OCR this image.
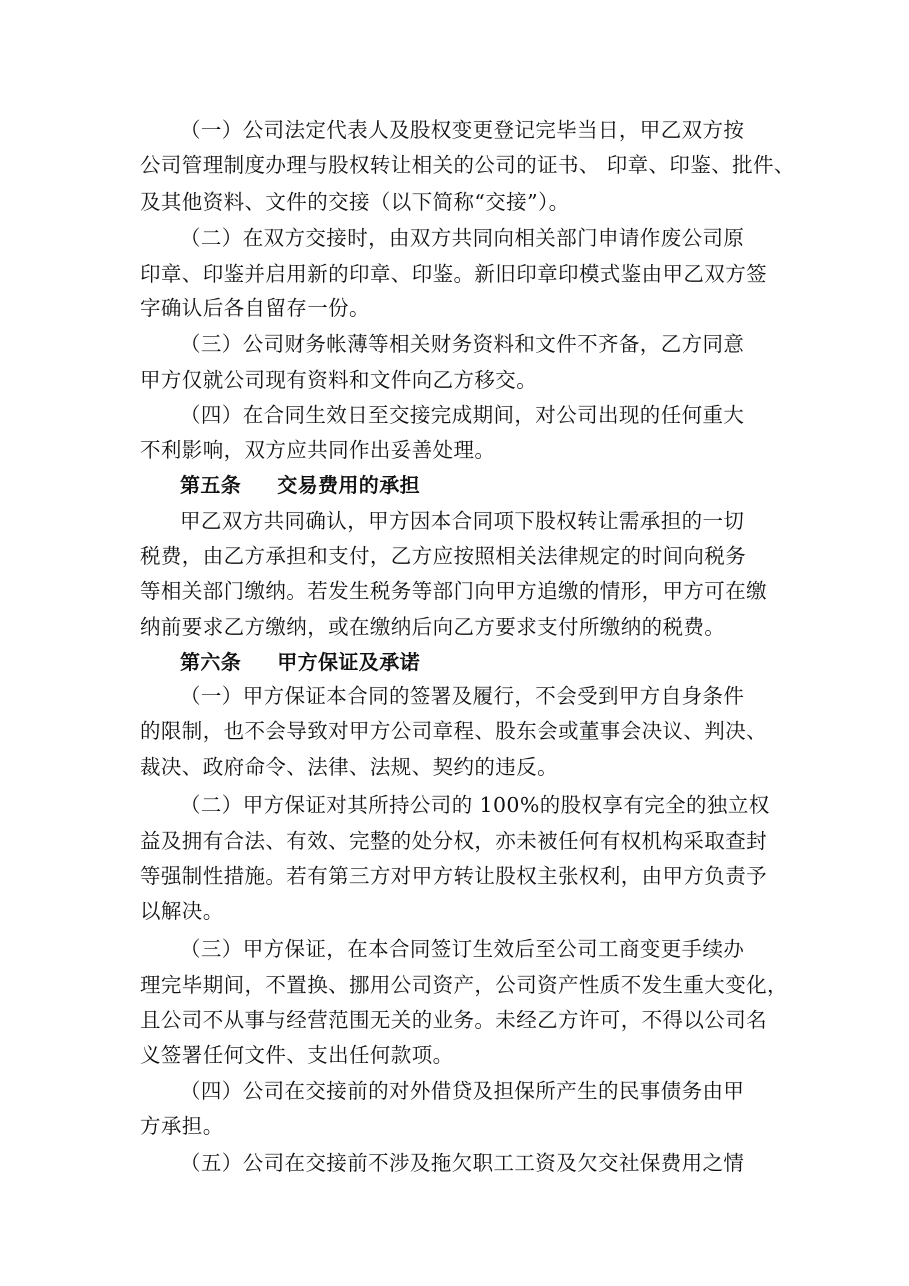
（一）公司法定代表人及股权变更登记完毕当日，甲乙双方按
公司管理制度办理与股权转让相关的公司的证书、 印章、印鉴、批件、
及其他资料、文件的交接（以下简称“交接”）。
（二）在双方交接时，由双方共同向相关部门申请作废公司原
印章、印鉴并启用新的印章、印鉴。新旧印章印模式鉴由甲乙双方签
字确认后各自留存一份。
（三）公司财务帐薄等相关财务资料和文件不齐备，乙方同意
甲方仅就公司现有资料和文件向乙方移交。
（四）在合同生效日至交接完成期间，对公司出现的任何重大
不利影响，双方应共同作出妥善处理。
第五条 交易费用的承担
甲乙双方共同确认，甲方因本合同项下股权转让需承担的一切
税费，由乙方承担和支付，乙方应按照相关法律规定的时间向税务
等相关部门缴纳。若发生税务等部门向甲方追缴的情形，甲方可在缴
纳前要求乙方缴纳，或在缴纳后向乙方要求支付所缴纳的税费。
第六条 甲方保证及承诺
（一）甲方保证本合同的签署及履行，不会受到甲方自身条件
的限制，也不会导致对甲方公司章程、股东会或董事会决议、判决、
裁决、政府命令、法律、法规、契约的违反。
（二）甲方保证对其所持公司的 100%的股权享有完全的独立权
益及拥有合法、有效、完整的处分权，亦未被任何有权机构采取查封
等强制性措施。若有第三方对甲方转让股权主张权利，由甲方负责予
以解决。
（三）甲方保证，在本合同签订生效后至公司工商变更手续办
理完毕期间，不置换、挪用公司资产，公司资产性质不发生重大变化，
且公司不从事与经营范围无关的业务。未经乙方许可，不得以公司名
义签署任何文件、支出任何款项。
（四）公司在交接前的对外借贷及担保所产生的民事债务由甲
方承担。
（五）公司在交接前不涉及拖欠职工工资及欠交社保费用之情
